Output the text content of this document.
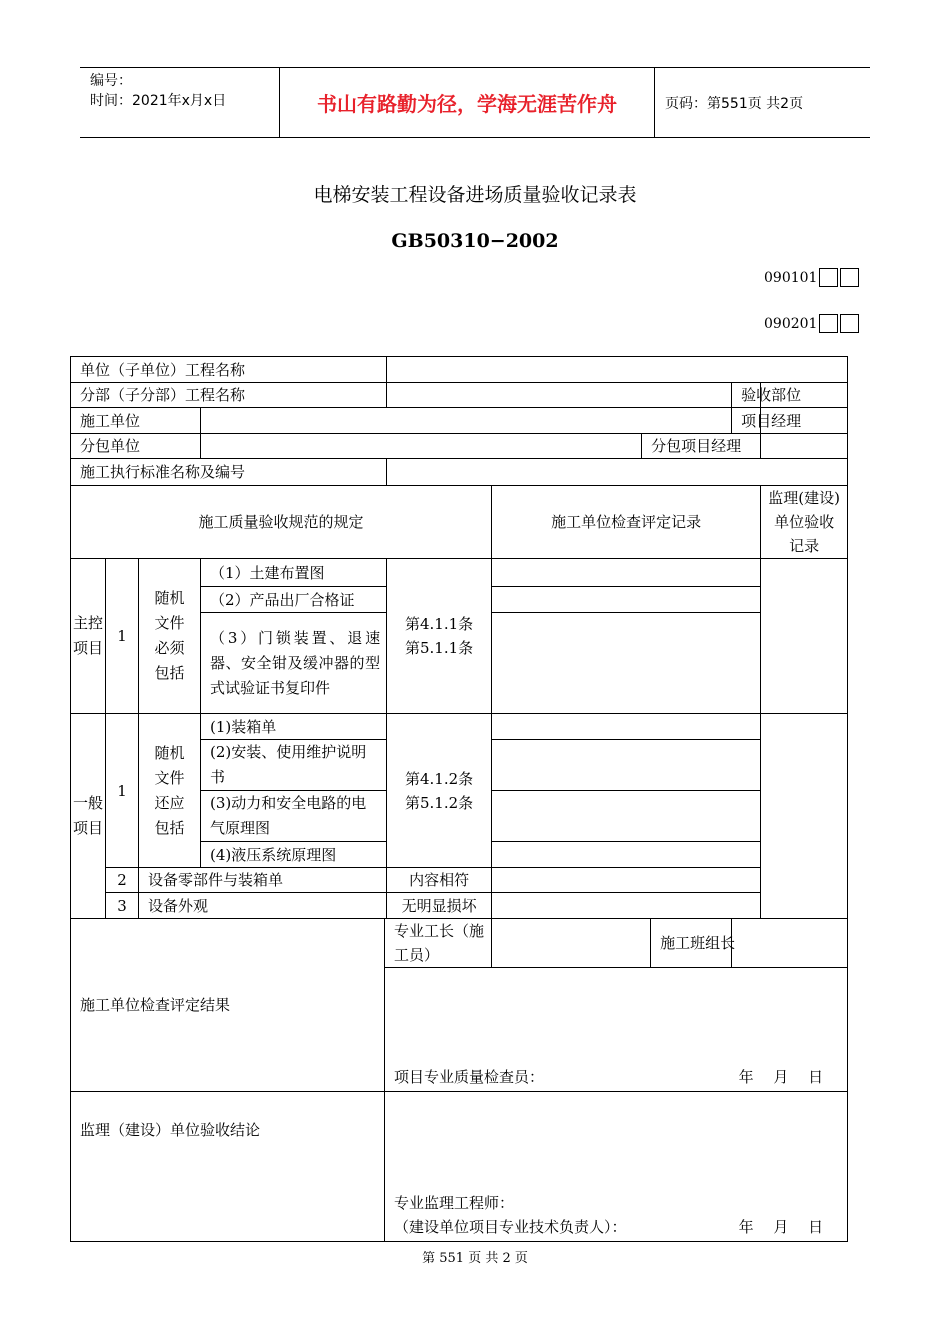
编号：
时间：2021年x月x日	书山有路勤为径，学海无涯苦作舟	页码：第551页 共2页
电梯安装工程设备进场质量验收记录表
GB50310−2002
090101
090201
单位（子单位）工程名称										
分部（子分部）工程名称									验收部位	
施工单位									项目经理	
分包单位							分包项目经理			
施工执行标准名称及编号										
施工质量验收规范的规定						施工单位检查评定记录				监理(建设)单位验收记录
主控项目	1	随机文件必须包括	（1）土建布置图		第4.1.1条 第5.1.1条					
			（2）产品出厂合格证							
			（3）门锁装置、退速器、安全钳及缓冲器的型式试验证书复印件							
一般项目	1	随机文件还应包括	(1)装箱单		第4.1.2条 第5.1.2条					
			(2)安装、使用维护说明书							
			(3)动力和安全电路的电气原理图							
			(4)液压系统原理图							
	2	设备零部件与装箱单			内容相符					
	3	设备外观			无明显损坏					
施工单位检查评定结果				专业工长（施工员）				施工班组长		

				项目专业质量检查员： 年　 月　 日						

监理（建设）单位验收结论				专业监理工程师：
（建设单位项目专业技术负责人）： 年　 月　 日						
第 551 页 共 2 页
